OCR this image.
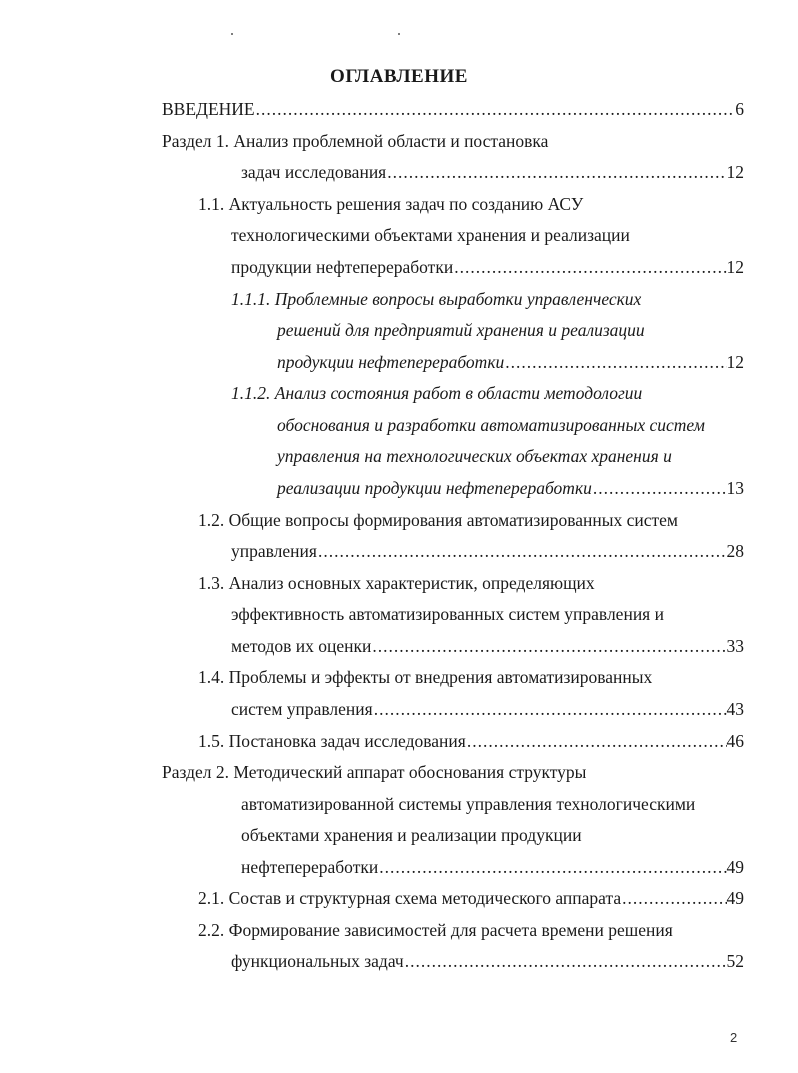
ОГЛАВЛЕНИЕ
ВВЕДЕНИЕ .....	6
Раздел 1. Анализ проблемной области и постановка
задач исследования .....	12
1.1. Актуальность решения задач по созданию АСУ
технологическими объектами хранения и реализации
продукции нефтепереработки .....	12
1.1.1. Проблемные вопросы выработки управленческих
решений для предприятий хранения и реализации
продукции нефтепереработки .....	12
1.1.2. Анализ состояния работ в области методологии
обоснования и разработки автоматизированных систем
управления на технологических объектах хранения и
реализации продукции нефтепереработки .....	13
1.2. Общие вопросы формирования автоматизированных систем
управления .....	28
1.3. Анализ основных характеристик, определяющих
эффективность автоматизированных систем управления и
методов их оценки .....	33
1.4. Проблемы и эффекты от внедрения автоматизированных
систем управления .....	43
1.5. Постановка задач исследования .....	46
Раздел 2. Методический аппарат обоснования структуры
автоматизированной системы управления технологическими
объектами хранения и реализации продукции
нефтепереработки .....	49
2.1. Состав и структурная схема методического аппарата .....	49
2.2. Формирование зависимостей для расчета времени решения
функциональных задач .....	52
2
